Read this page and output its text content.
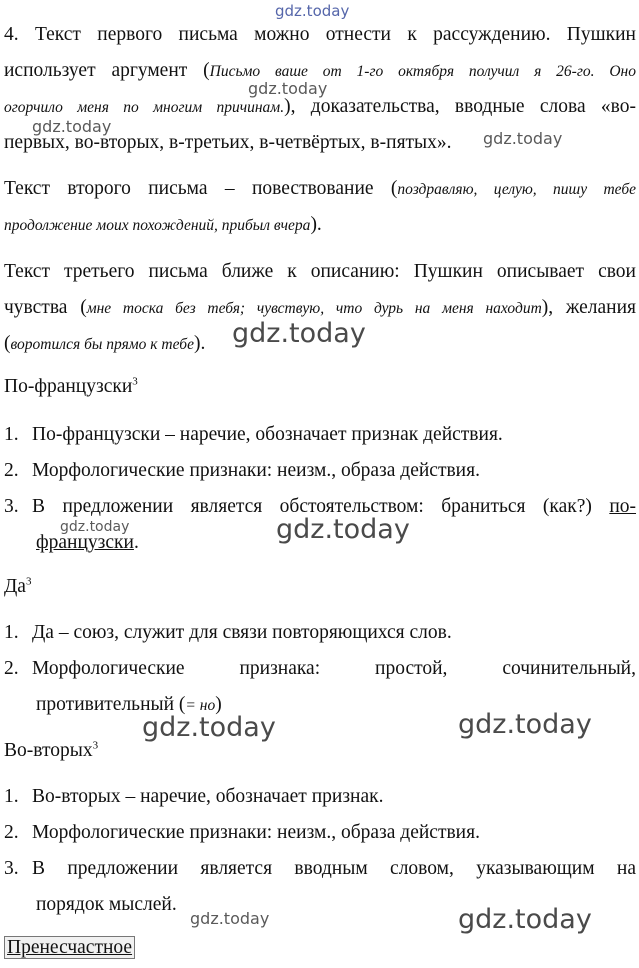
gdz.today
gdz.today
gdz.today
gdz.today
gdz.today
gdz.today	gdz.today
gdz.today	gdz.today
gdz.today	gdz.today
4. Текст первого письма можно отнести к рассуждению. Пушкин
использует аргумент (Письмо ваше от 1-го октября получил я 26-го. Оно
огорчило меня по многим причинам.), доказательства, вводные слова «во-
первых, во-вторых, в-третьих, в-четвёртых, в-пятых».
Текст второго письма – повествование (поздравляю, целую, пишу тебе
продолжение моих похождений, прибыл вчера).
Текст третьего письма ближе к описанию: Пушкин описывает свои
чувства (мне тоска без тебя; чувствую, что дурь на меня находит), желания
(воротился бы прямо к тебе).
По-французски$^3$
1. По-французски – наречие, обозначает признак действия.
2. Морфологические признаки: неизм., образа действия.
3. В предложении является обстоятельством: браниться (как?) по-
французски.
$Да^3$
1. Да – союз, служит для связи повторяющихся слов.
2. Морфологические признака: простой, сочинительный,
противительный (= но)
Во-вторых$^3$
1. Во-вторых – наречие, обозначает признак.
2. Морфологические признаки: неизм., образа действия.
3. В предложении является вводным словом, указывающим на
порядок мыслей.
Пренесчастное
